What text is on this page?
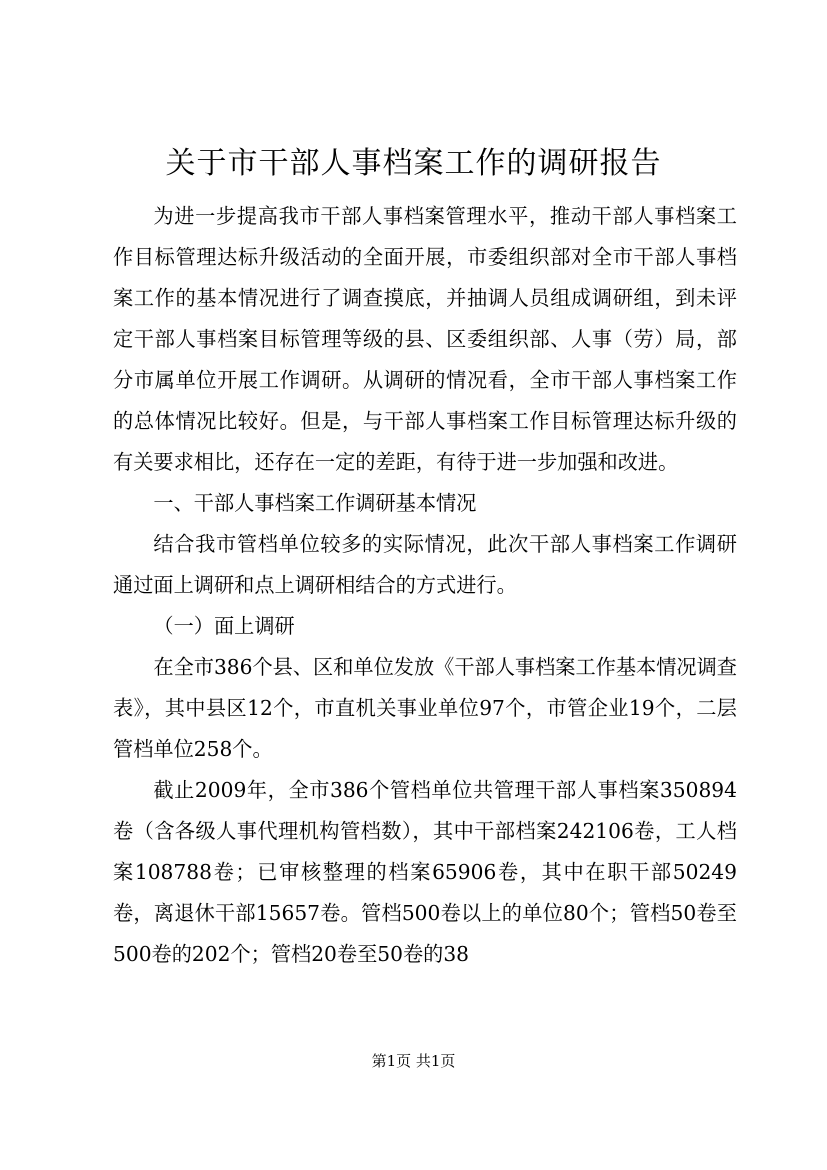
关于市干部人事档案工作的调研报告

为进一步提高我市干部人事档案管理水平，推动干部人事档案工作目标管理达标升级活动的全面开展，市委组织部对全市干部人事档案工作的基本情况进行了调查摸底，并抽调人员组成调研组，到未评定干部人事档案目标管理等级的县、区委组织部、人事（劳）局，部分市属单位开展工作调研。从调研的情况看，全市干部人事档案工作的总体情况比较好。但是，与干部人事档案工作目标管理达标升级的有关要求相比，还存在一定的差距，有待于进一步加强和改进。

一、干部人事档案工作调研基本情况

结合我市管档单位较多的实际情况，此次干部人事档案工作调研通过面上调研和点上调研相结合的方式进行。

（一）面上调研

在全市386个县、区和单位发放《干部人事档案工作基本情况调查表》，其中县区12个，市直机关事业单位97个，市管企业19个，二层管档单位258个。

截止2009年，全市386个管档单位共管理干部人事档案350894卷（含各级人事代理机构管档数），其中干部档案242106卷，工人档案108788卷；已审核整理的档案65906卷，其中在职干部50249卷，离退休干部15657卷。管档500卷以上的单位80个；管档50卷至500卷的202个；管档20卷至50卷的38

第1页 共1页
